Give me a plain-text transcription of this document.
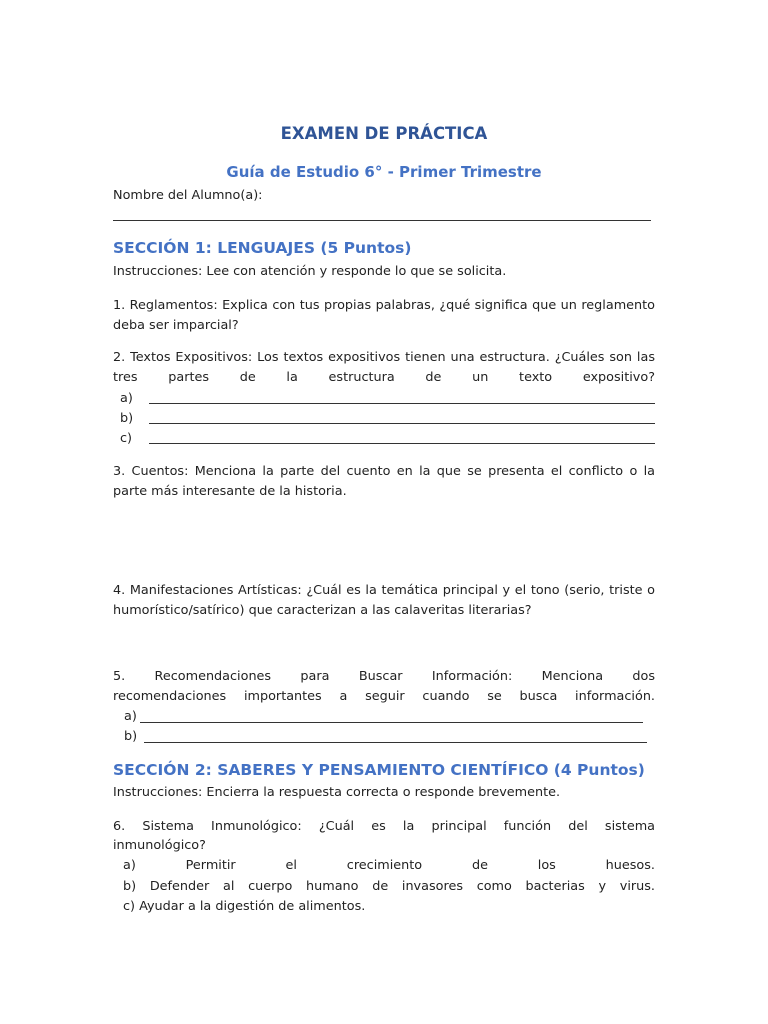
EXAMEN DE PRÁCTICA
Guía de Estudio 6° - Primer Trimestre
Nombre del Alumno(a):
SECCIÓN 1: LENGUAJES (5 Puntos)
Instrucciones: Lee con atención y responde lo que se solicita.
1. Reglamentos: Explica con tus propias palabras, ¿qué significa que un reglamento deba ser imparcial?
2. Textos Expositivos: Los textos expositivos tienen una estructura. ¿Cuáles son las
tres partes de la estructura de un texto expositivo?
a)
b)
c)
3. Cuentos: Menciona la parte del cuento en la que se presenta el conflicto o la parte más interesante de la historia.
4. Manifestaciones Artísticas: ¿Cuál es la temática principal y el tono (serio, triste o humorístico/satírico) que caracterizan a las calaveritas literarias?
5. Recomendaciones para Buscar Información: Menciona dos
recomendaciones importantes a seguir cuando se busca información.
a)
b)
SECCIÓN 2: SABERES Y PENSAMIENTO CIENTÍFICO (4 Puntos)
Instrucciones: Encierra la respuesta correcta o responde brevemente.
6. Sistema Inmunológico: ¿Cuál es la principal función del sistema
inmunológico?
a) Permitir el crecimiento de los huesos.
b) Defender al cuerpo humano de invasores como bacterias y virus.
c) Ayudar a la digestión de alimentos.
